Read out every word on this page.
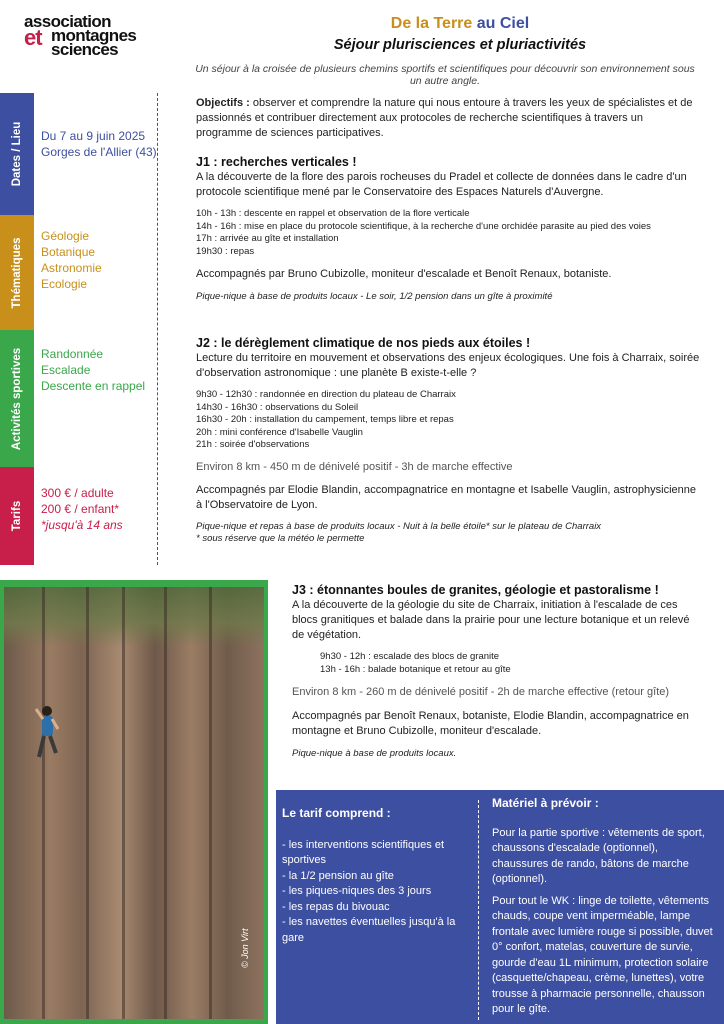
association
montagnes
et sciences
De la Terre au Ciel
Séjour plurisciences et pluriactivités
Un séjour à la croisée de plusieurs chemins sportifs et scientifiques pour découvrir son environnement sous un autre angle.
Dates / Lieu
Thématiques
Activités sportives
Tarifs
Du 7 au 9 juin 2025
Gorges de l'Allier (43)
Géologie
Botanique
Astronomie
Ecologie
Randonnée
Escalade
Descente en rappel
300 € / adulte
200 € / enfant*
*jusqu'à 14 ans

Objectifs : observer et comprendre la nature qui nous entoure à travers les yeux de spécialistes et de passionnés et contribuer directement aux protocoles de recherche scientifiques à travers un programme de sciences participatives.

J1 : recherches verticales !

A la découverte de la flore des parois rocheuses du Pradel et collecte de données dans le cadre d'un protocole scientifique mené par le Conservatoire des Espaces Naturels d'Auvergne.

10h - 13h : descente en rappel et observation de la flore verticale
14h - 16h : mise en place du protocole scientifique, à la recherche d'une orchidée parasite au pied des voies
17h : arrivée au gîte et installation
19h30 : repas

Accompagnés par Bruno Cubizolle, moniteur d'escalade et Benoît Renaux, botaniste.

Pique-nique à base de produits locaux - Le soir, 1/2 pension dans un gîte à proximité

J2 : le dérèglement climatique de nos pieds aux étoiles !

Lecture du territoire en mouvement et observations des enjeux écologiques. Une fois à Charraix, soirée d'observation astronomique : une planète B existe-t-elle ?

9h30 - 12h30 : randonnée en direction du plateau de Charraix
14h30 - 16h30 : observations du Soleil
16h30 - 20h : installation du campement, temps libre et repas
20h : mini conférence d'Isabelle Vauglin
21h : soirée d'observations

Environ 8 km - 450 m de dénivelé positif - 3h de marche effective

Accompagnés par Elodie Blandin, accompagnatrice en montagne et Isabelle Vauglin, astrophysicienne à l'Observatoire de Lyon.

Pique-nique et repas à base de produits locaux - Nuit à la belle étoile* sur le plateau de Charraix

* sous réserve que la météo le permette

© Jon Virt

J3 : étonnantes boules de granites, géologie et pastoralisme !

A la découverte de la géologie du site de Charraix, initiation à l'escalade de ces blocs granitiques et balade dans la prairie pour une lecture botanique et un relevé de végétation.

9h30 - 12h : escalade des blocs de granite
13h - 16h : balade botanique et retour au gîte

Environ 8 km - 260 m de dénivelé positif - 2h de marche effective (retour gîte)

Accompagnés par Benoît Renaux, botaniste, Elodie Blandin, accompagnatrice en montagne et Bruno Cubizolle, moniteur d'escalade.

Pique-nique à base de produits locaux.

Le tarif comprend :
- les interventions scientifiques et sportives
- la 1/2 pension au gîte
- les piques-niques des 3 jours
- les repas du bivouac
- les navettes éventuelles jusqu'à la gare
Matériel à prévoir :

Pour la partie sportive : vêtements de sport, chaussons d'escalade (optionnel), chaussures de rando, bâtons de marche (optionnel).

Pour tout le WK : linge de toilette, vêtements chauds, coupe vent imperméable, lampe frontale avec lumière rouge si possible, duvet 0° confort, matelas, couverture de survie, gourde d'eau 1L minimum, protection solaire (casquette/chapeau, crème, lunettes), votre trousse à pharmacie personnelle, chausson pour le gîte.
